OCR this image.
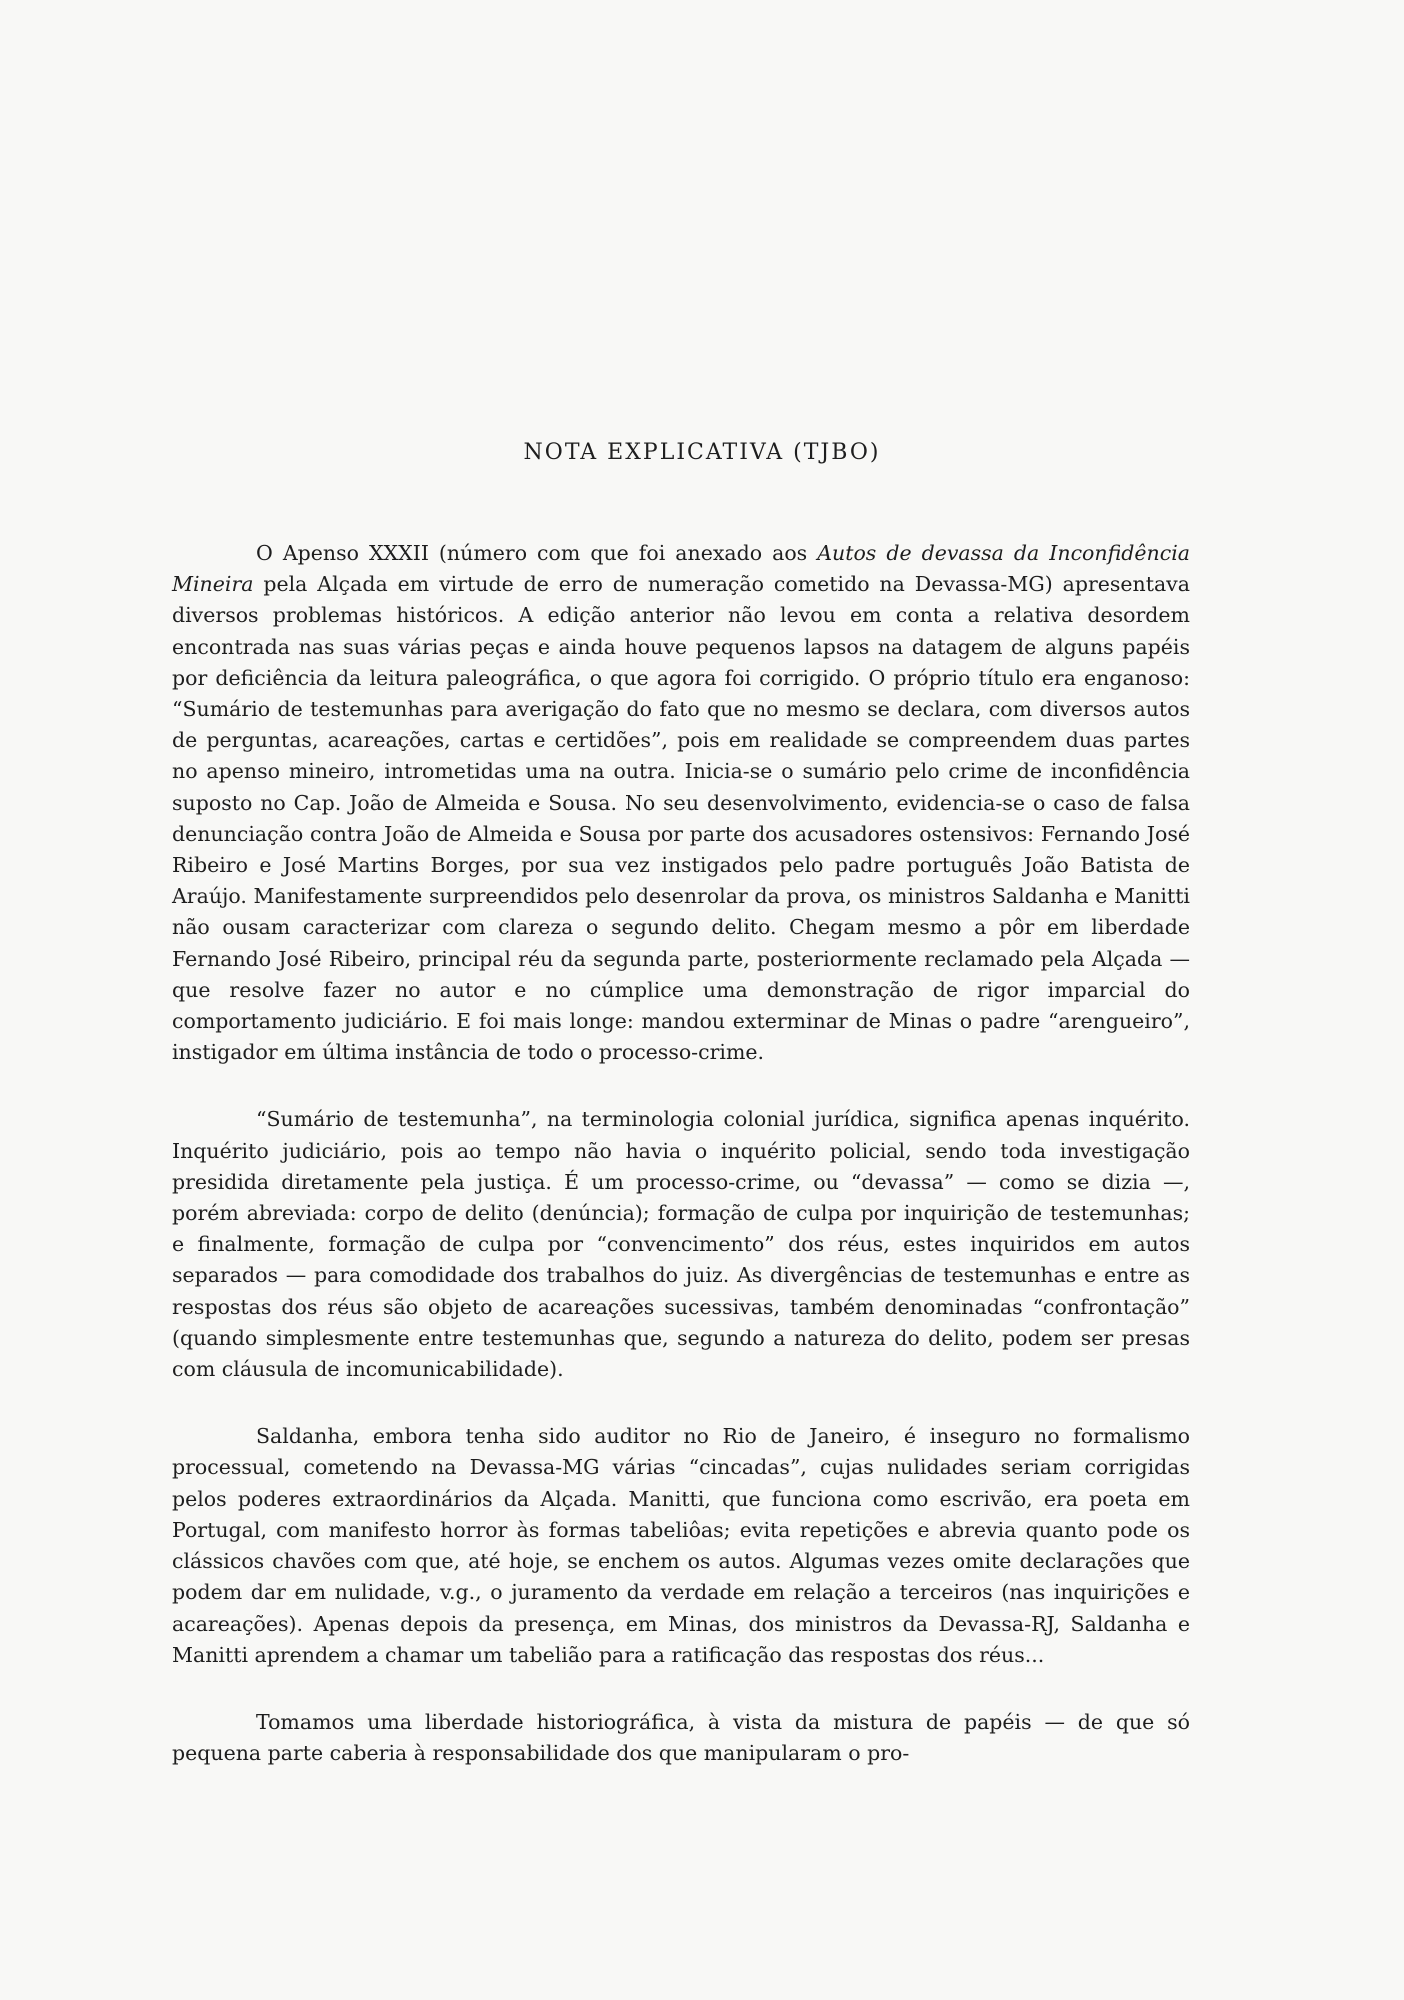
NOTA EXPLICATIVA (TJBO)

O Apenso XXXII (número com que foi anexado aos Autos de devassa da Inconfidência Mineira pela Alçada em virtude de erro de numeração cometido na Devassa-MG) apresentava diversos problemas históricos. A edição anterior não levou em conta a relativa desordem encontrada nas suas várias peças e ainda houve pequenos lapsos na datagem de alguns papéis por deficiência da leitura paleográfica, o que agora foi corrigido. O próprio título era enganoso: “Sumário de testemunhas para averigação do fato que no mesmo se declara, com diversos autos de perguntas, acareações, cartas e certidões”, pois em realidade se compreendem duas partes no apenso mineiro, intrometidas uma na outra. Inicia-se o sumário pelo crime de inconfidência suposto no Cap. João de Almeida e Sousa. No seu desenvolvimento, evidencia-se o caso de falsa denunciação contra João de Almeida e Sousa por parte dos acusadores ostensivos: Fernando José Ribeiro e José Martins Borges, por sua vez instigados pelo padre português João Batista de Araújo. Manifestamente surpreendidos pelo desenrolar da prova, os ministros Saldanha e Manitti não ousam caracterizar com clareza o segundo delito. Chegam mesmo a pôr em liberdade Fernando José Ribeiro, principal réu da segunda parte, posteriormente reclamado pela Alçada — que resolve fazer no autor e no cúmplice uma demonstração de rigor imparcial do comportamento judiciário. E foi mais longe: mandou exterminar de Minas o padre “arengueiro”, instigador em última instância de todo o processo-crime.

“Sumário de testemunha”, na terminologia colonial jurídica, significa apenas inquérito. Inquérito judiciário, pois ao tempo não havia o inquérito policial, sendo toda investigação presidida diretamente pela justiça. É um processo-crime, ou “devassa” — como se dizia —, porém abreviada: corpo de delito (denúncia); formação de culpa por inquirição de testemunhas; e finalmente, formação de culpa por “convencimento” dos réus, estes inquiridos em autos separados — para comodidade dos trabalhos do juiz. As divergências de testemunhas e entre as respostas dos réus são objeto de acareações sucessivas, também denominadas “confrontação” (quando simplesmente entre testemunhas que, segundo a natureza do delito, podem ser presas com cláusula de incomunicabilidade).

Saldanha, embora tenha sido auditor no Rio de Janeiro, é inseguro no formalismo processual, cometendo na Devassa-MG várias “cincadas”, cujas nulidades seriam corrigidas pelos poderes extraordinários da Alçada. Manitti, que funciona como escrivão, era poeta em Portugal, com manifesto horror às formas tabeliôas; evita repetições e abrevia quanto pode os clássicos chavões com que, até hoje, se enchem os autos. Algumas vezes omite declarações que podem dar em nulidade, v.g., o juramento da verdade em relação a terceiros (nas inquirições e acareações). Apenas depois da presença, em Minas, dos ministros da Devassa-RJ, Saldanha e Manitti aprendem a chamar um tabelião para a ratificação das respostas dos réus...

Tomamos uma liberdade historiográfica, à vista da mistura de papéis — de que só pequena parte caberia à responsabilidade dos que manipularam o pro-
